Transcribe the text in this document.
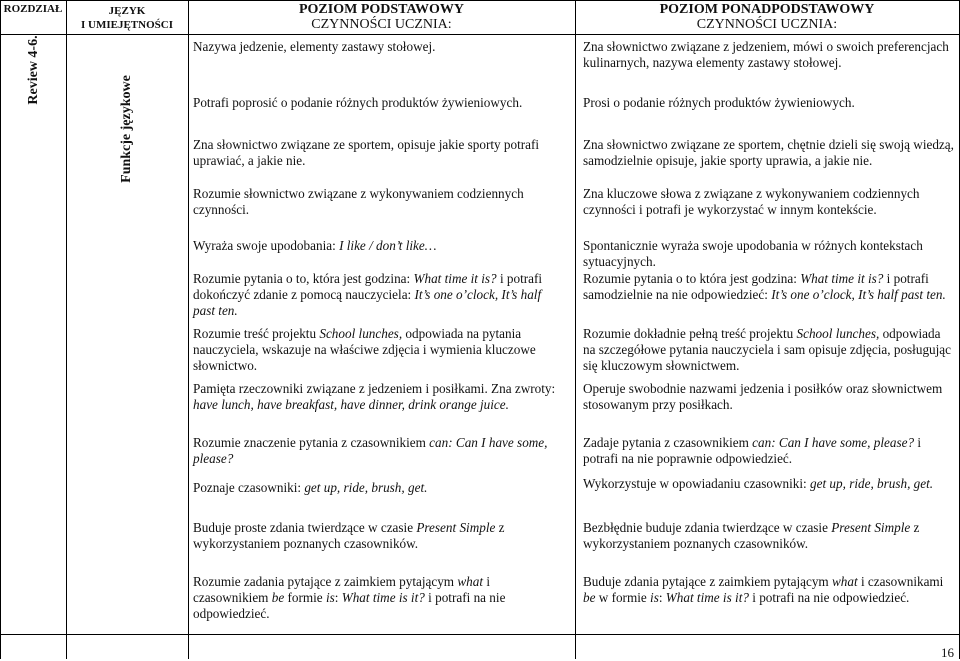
ROZDZIAŁ	JĘZYK
I UMIEJĘTNOŚCI
POZIOM PODSTAWOWY
CZYNNOŚCI UCZNIA:
POZIOM PONADPODSTAWOWY
CZYNNOŚCI UCZNIA:
Review 4-6.
Funkcje językowe
Nazywa jedzenie, elementy zastawy stołowej.
Potrafi poprosić o podanie różnych produktów żywieniowych.
Zna słownictwo związane ze sportem, opisuje jakie sporty potrafi uprawiać, a jakie nie.
Rozumie słownictwo związane z wykonywaniem codziennych czynności.
Wyraża swoje upodobania: I like / don’t like…
Rozumie pytania o to, która jest godzina: What time it is? i potrafi dokończyć zdanie z pomocą nauczyciela: It’s one o’clock, It’s half past ten.
Rozumie treść projektu School lunches, odpowiada na pytania nauczyciela, wskazuje na właściwe zdjęcia i wymienia kluczowe słownictwo.
Pamięta rzeczowniki związane z jedzeniem i posiłkami. Zna zwroty: have lunch, have breakfast, have dinner, drink orange juice.
Rozumie znaczenie pytania z czasownikiem can: Can I have some, please?
Poznaje czasowniki: get up, ride, brush, get.
Buduje proste zdania twierdzące w czasie Present Simple z wykorzystaniem poznanych czasowników.
Rozumie zadania pytające z zaimkiem pytającym what i czasownikiem be formie is: What time is it? i potrafi na nie odpowiedzieć.
Zna słownictwo związane z jedzeniem, mówi o swoich preferencjach kulinarnych, nazywa elementy zastawy stołowej.
Prosi o podanie różnych produktów żywieniowych.
Zna słownictwo związane ze sportem, chętnie dzieli się swoją wiedzą, samodzielnie opisuje, jakie sporty uprawia, a jakie nie.
Zna kluczowe słowa z związane z wykonywaniem codziennych czynności i potrafi je wykorzystać w innym kontekście.
Spontanicznie wyraża swoje upodobania w różnych kontekstach sytuacyjnych.
Rozumie pytania o to która jest godzina: What time it is? i potrafi samodzielnie na nie odpowiedzieć: It’s one o’clock, It’s half past ten.
Rozumie dokładnie pełną treść projektu School lunches, odpowiada na szczegółowe pytania nauczyciela i sam opisuje zdjęcia, posługując się kluczowym słownictwem.
Operuje swobodnie nazwami jedzenia i posiłków oraz słownictwem stosowanym przy posiłkach.
Zadaje pytania z czasownikiem can: Can I have some, please? i potrafi na nie poprawnie odpowiedzieć.
Wykorzystuje w opowiadaniu czasowniki: get up, ride, brush, get.
Bezbłędnie buduje zdania twierdzące w czasie Present Simple z wykorzystaniem poznanych czasowników.
Buduje zdania pytające z zaimkiem pytającym what i czasownikami be w formie is: What time is it? i potrafi na nie odpowiedzieć.
16
